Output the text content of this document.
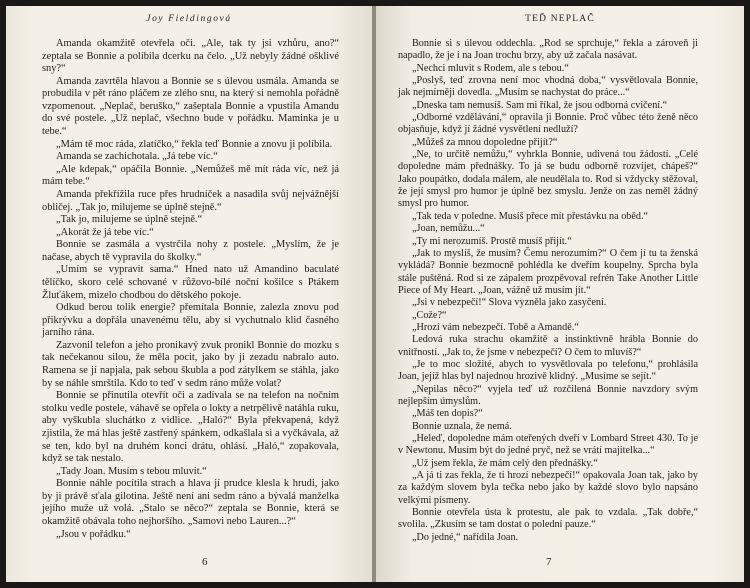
Joy Fieldingová

Amanda okamžitě otevřela oči. „Ale, tak ty jsi vzhůru, ano?“ zeptala se Bonnie a políbila dcerku na čelo. „Už nebyly žádné ošklivé sny?“

Amanda zavrtěla hlavou a Bonnie se s úlevou usmála. Amanda se probudila v pět ráno pláčem ze zlého snu, na který si nemohla pořádně vzpomenout. „Neplač, beruško,“ zašeptala Bonnie a vpustila Amandu do své postele. „Už neplač, všechno bude v pořádku. Maminka je u tebe.“

„Mám tě moc ráda, zlatíčko,“ řekla teď Bonnie a znovu ji políbila.

Amanda se zachichotala. „Já tebe víc.“

„Ale kdepak,“ opáčila Bonnie. „Nemůžeš mě mít ráda víc, než já mám tebe.“

Amanda překřížila ruce přes hrudníček a nasadila svůj nejvážnější obličej. „Tak jo, milujeme se úplně stejně.“

„Tak jo, milujeme se úplně stejně.“

„Akorát že já tebe víc.“

Bonnie se zasmála a vystrčila nohy z postele. „Myslím, že je načase, abych tě vypravila do školky.“

„Umím se vypravit sama.“ Hned nato už Amandino baculaté tělíčko, skoro celé schované v růžovo-bílé noční košilce s Ptákem Žluťákem, mizelo chodbou do dětského pokoje.

Odkud berou tolik energie? přemítala Bonnie, zalezla znovu pod přikrývku a dopřála unavenému tělu, aby si vychutnalo klid časného jarního rána.

Zazvonil telefon a jeho pronikavý zvuk pronikl Bonnie do mozku s tak nečekanou silou, že měla pocit, jako by ji zezadu nabralo auto. Ramena se jí napjala, pak sebou škubla a pod zátylkem se stáhla, jako by se náhle smrštila. Kdo to teď v sedm ráno může volat?

Bonnie se přinutila otevřít oči a zadívala se na telefon na nočním stolku vedle postele, váhavě se opřela o lokty a netrpělivě natáhla ruku, aby vyškubla sluchátko z vidlice. „Haló?“ Byla překvapená, když zjistila, že má hlas ještě zastřený spánkem, odkašlala si a vyčkávala, až se ten, kdo byl na druhém konci drátu, ohlásí. „Haló,“ zopakovala, když se tak nestalo.

„Tady Joan. Musím s tebou mluvit.“

Bonnie náhle pocítila strach a hlava jí prudce klesla k hrudi, jako by ji právě sťala gilotina. Ještě není ani sedm ráno a bývalá manželka jejího muže už volá. „Stalo se něco?“ zeptala se Bonnie, která se okamžitě obávala toho nejhoršího. „Samovi nebo Lauren...?“

„Jsou v pořádku.“

6
TEĎ NEPLAČ

Bonnie si s úlevou oddechla. „Rod se sprchuje,“ řekla a zároveň ji napadlo, že je i na Joan trochu brzy, aby už začala nasávat.

„Nechci mluvit s Rodem, ale s tebou.“

„Poslyš, teď zrovna není moc vhodná doba,“ vysvětlovala Bonnie, jak nejmírněji dovedla. „Musím se nachystat do práce...“

„Dneska tam nemusíš. Sam mi říkal, že jsou odborná cvičení.“

„Odborné vzdělávání,“ opravila ji Bonnie. Proč vůbec této ženě něco objasňuje, když jí žádné vysvětlení nedluží?

„Můžeš za mnou dopoledne přijít?“

„Ne, to určitě nemůžu,“ vyhrkla Bonnie, udivená tou žádostí. „Celé dopoledne mám přednášky. To já se budu odborně rozvíjet, chápeš?“ Jako poupátko, dodala málem, ale neudělala to. Rod si vždycky stěžoval, že její smysl pro humor je úplně bez smyslu. Jenže on zas neměl žádný smysl pro humor.

„Tak teda v poledne. Musíš přece mít přestávku na oběd.“

„Joan, nemůžu...“

„Ty mi nerozumíš. Prostě musíš přijít.“

„Jak to myslíš, že musím? Čemu nerozumím?“ O čem jí tu ta ženská vykládá? Bonnie bezmocně pohlédla ke dveřím koupelny. Sprcha byla stále puštěná. Rod si ze zápalem prozpěvoval refrén Take Another Little Piece of My Heart. „Joan, vážně už musím jít.“

„Jsi v nebezpečí!“ Slova vyzněla jako zasyčení.

„Cože?“

„Hrozí vám nebezpečí. Tobě a Amandě.“

Ledová ruka strachu okamžitě a instinktivně hrábla Bonnie do vnitřností. „Jak to, že jsme v nebezpečí? O čem to mluvíš?“

„Je to moc složité, abych to vysvětlovala po telefonu,“ prohlásila Joan, jejíž hlas byl najednou hrozivě klidný. „Musíme se sejít.“

„Nepilas něco?“ vyjela teď už rozčilená Bonnie navzdory svým nejlepším úmyslům.

„Máš ten dopis?“

Bonnie uznala, že nemá.

„Heleď, dopoledne mám oteřených dveří v Lombard Street 430. To je v Newtonu. Musím být do jedné pryč, než se vrátí majitelka...“

„Už jsem řekla, že mám celý den přednášky.“

„A já ti zas řekla, že ti hrozí nebezpečí!“ opakovala Joan tak, jako by za každým slovem byla tečka nebo jako by každé slovo bylo napsáno velkými písmeny.

Bonnie otevřela ústa k protestu, ale pak to vzdala. „Tak dobře,“ svolila. „Zkusím se tam dostat o polední pauze.“

„Do jedné,“ nařídila Joan.

7
